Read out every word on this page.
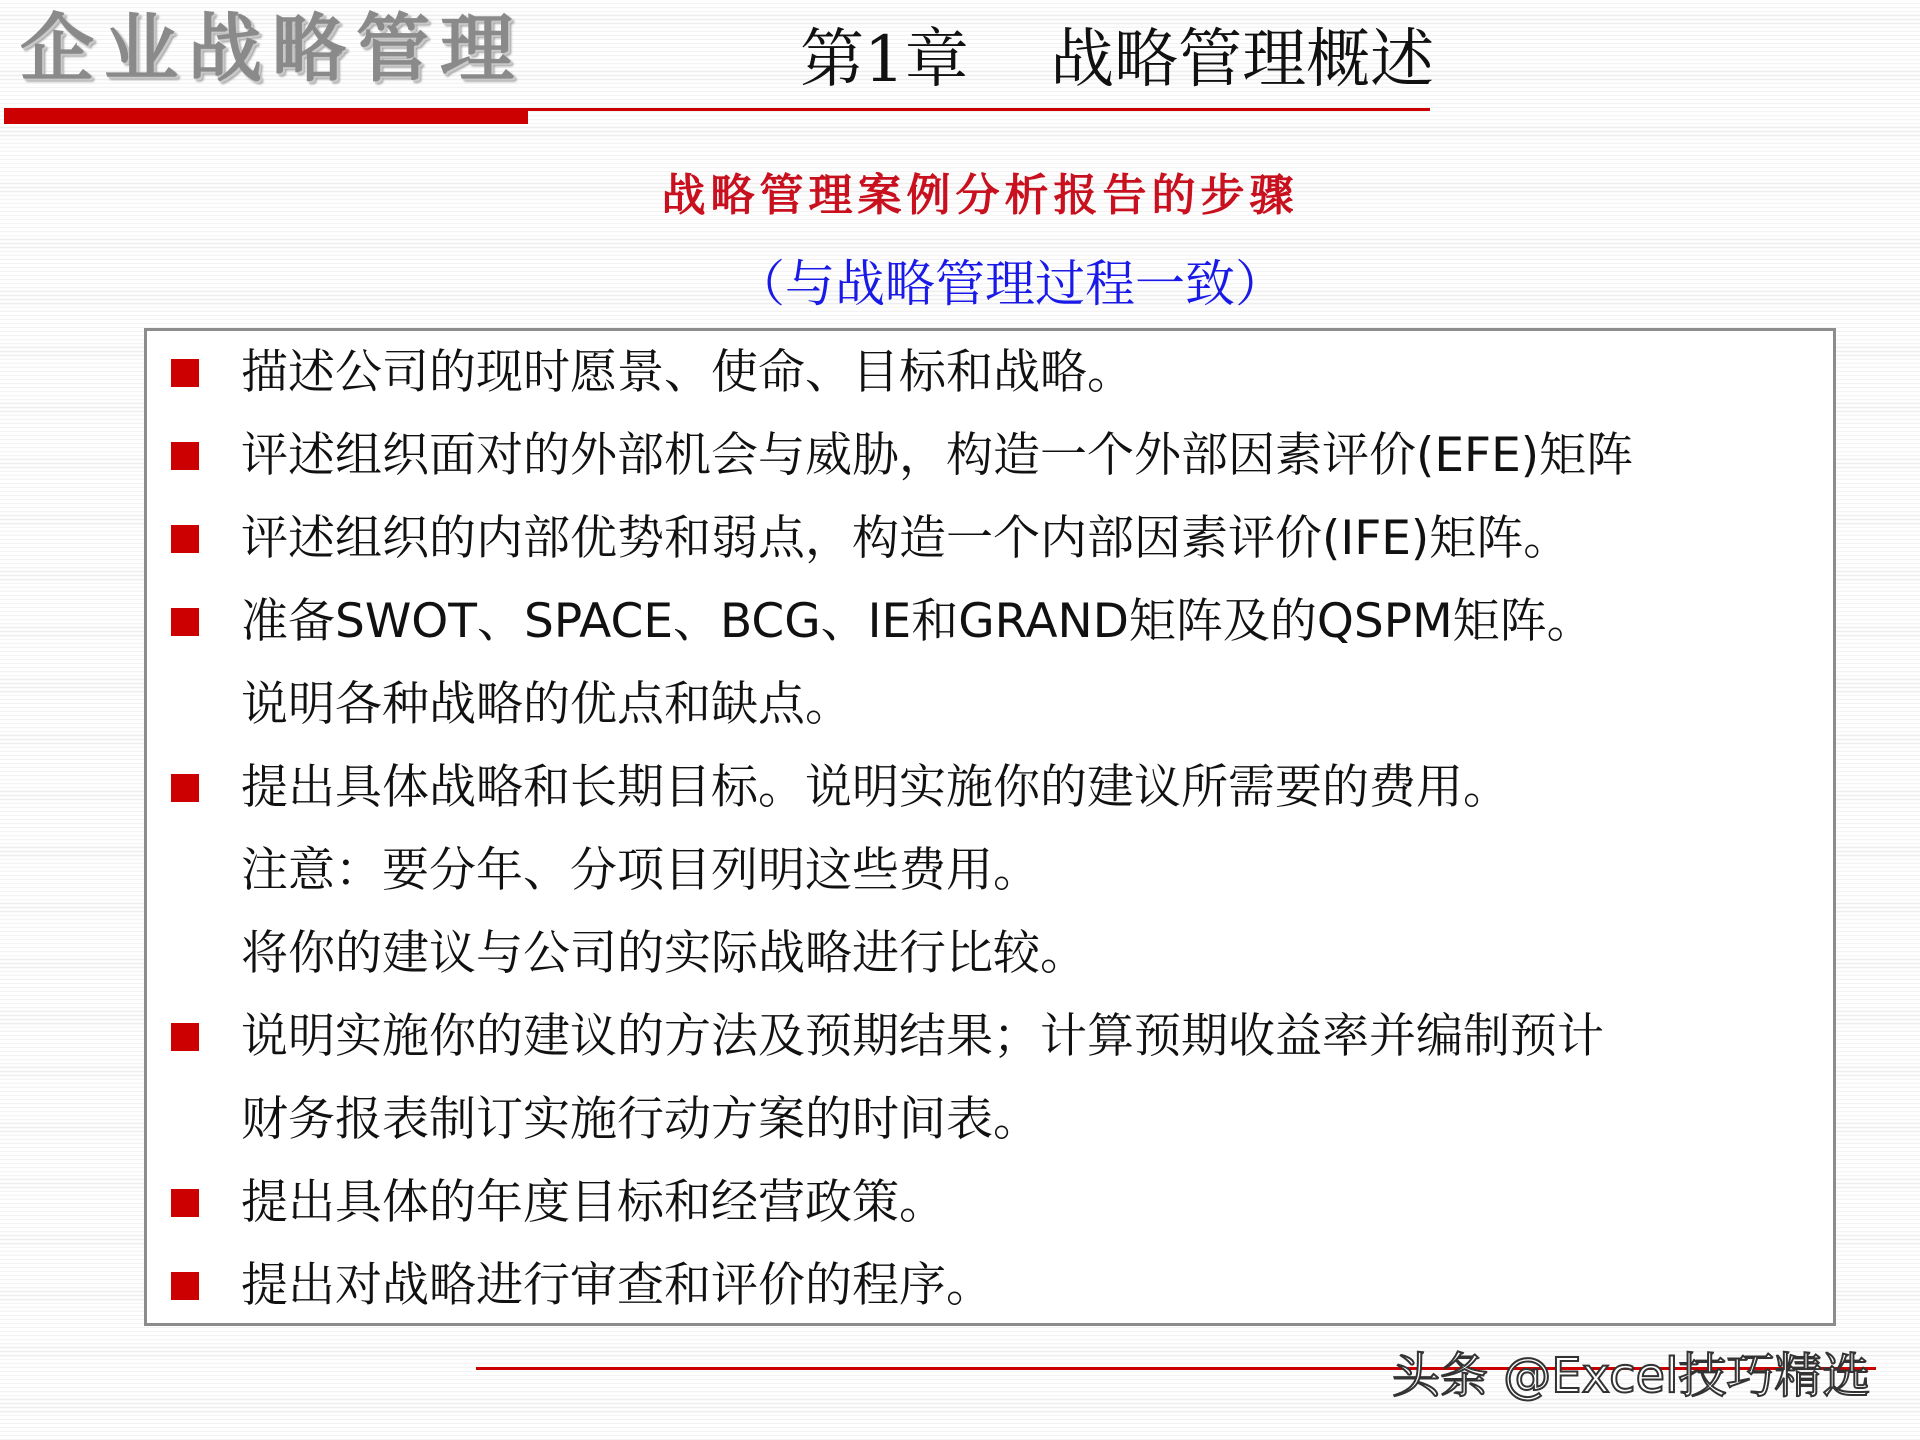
企业战略管理	第1章    战略管理概述
战略管理案例分析报告的步骤
（与战略管理过程一致）
描述公司的现时愿景、使命、目标和战略。
评述组织面对的外部机会与威胁，构造一个外部因素评价(EFE)矩阵
评述组织的内部优势和弱点，构造一个内部因素评价(IFE)矩阵。
准备SWOT、SPACE、BCG、IE和GRAND矩阵及的QSPM矩阵。
说明各种战略的优点和缺点。
提出具体战略和长期目标。说明实施你的建议所需要的费用。
注意：要分年、分项目列明这些费用。
将你的建议与公司的实际战略进行比较。
说明实施你的建议的方法及预期结果；计算预期收益率并编制预计
财务报表制订实施行动方案的时间表。
提出具体的年度目标和经营政策。
提出对战略进行审查和评价的程序。
头条 @Excel技巧精选
